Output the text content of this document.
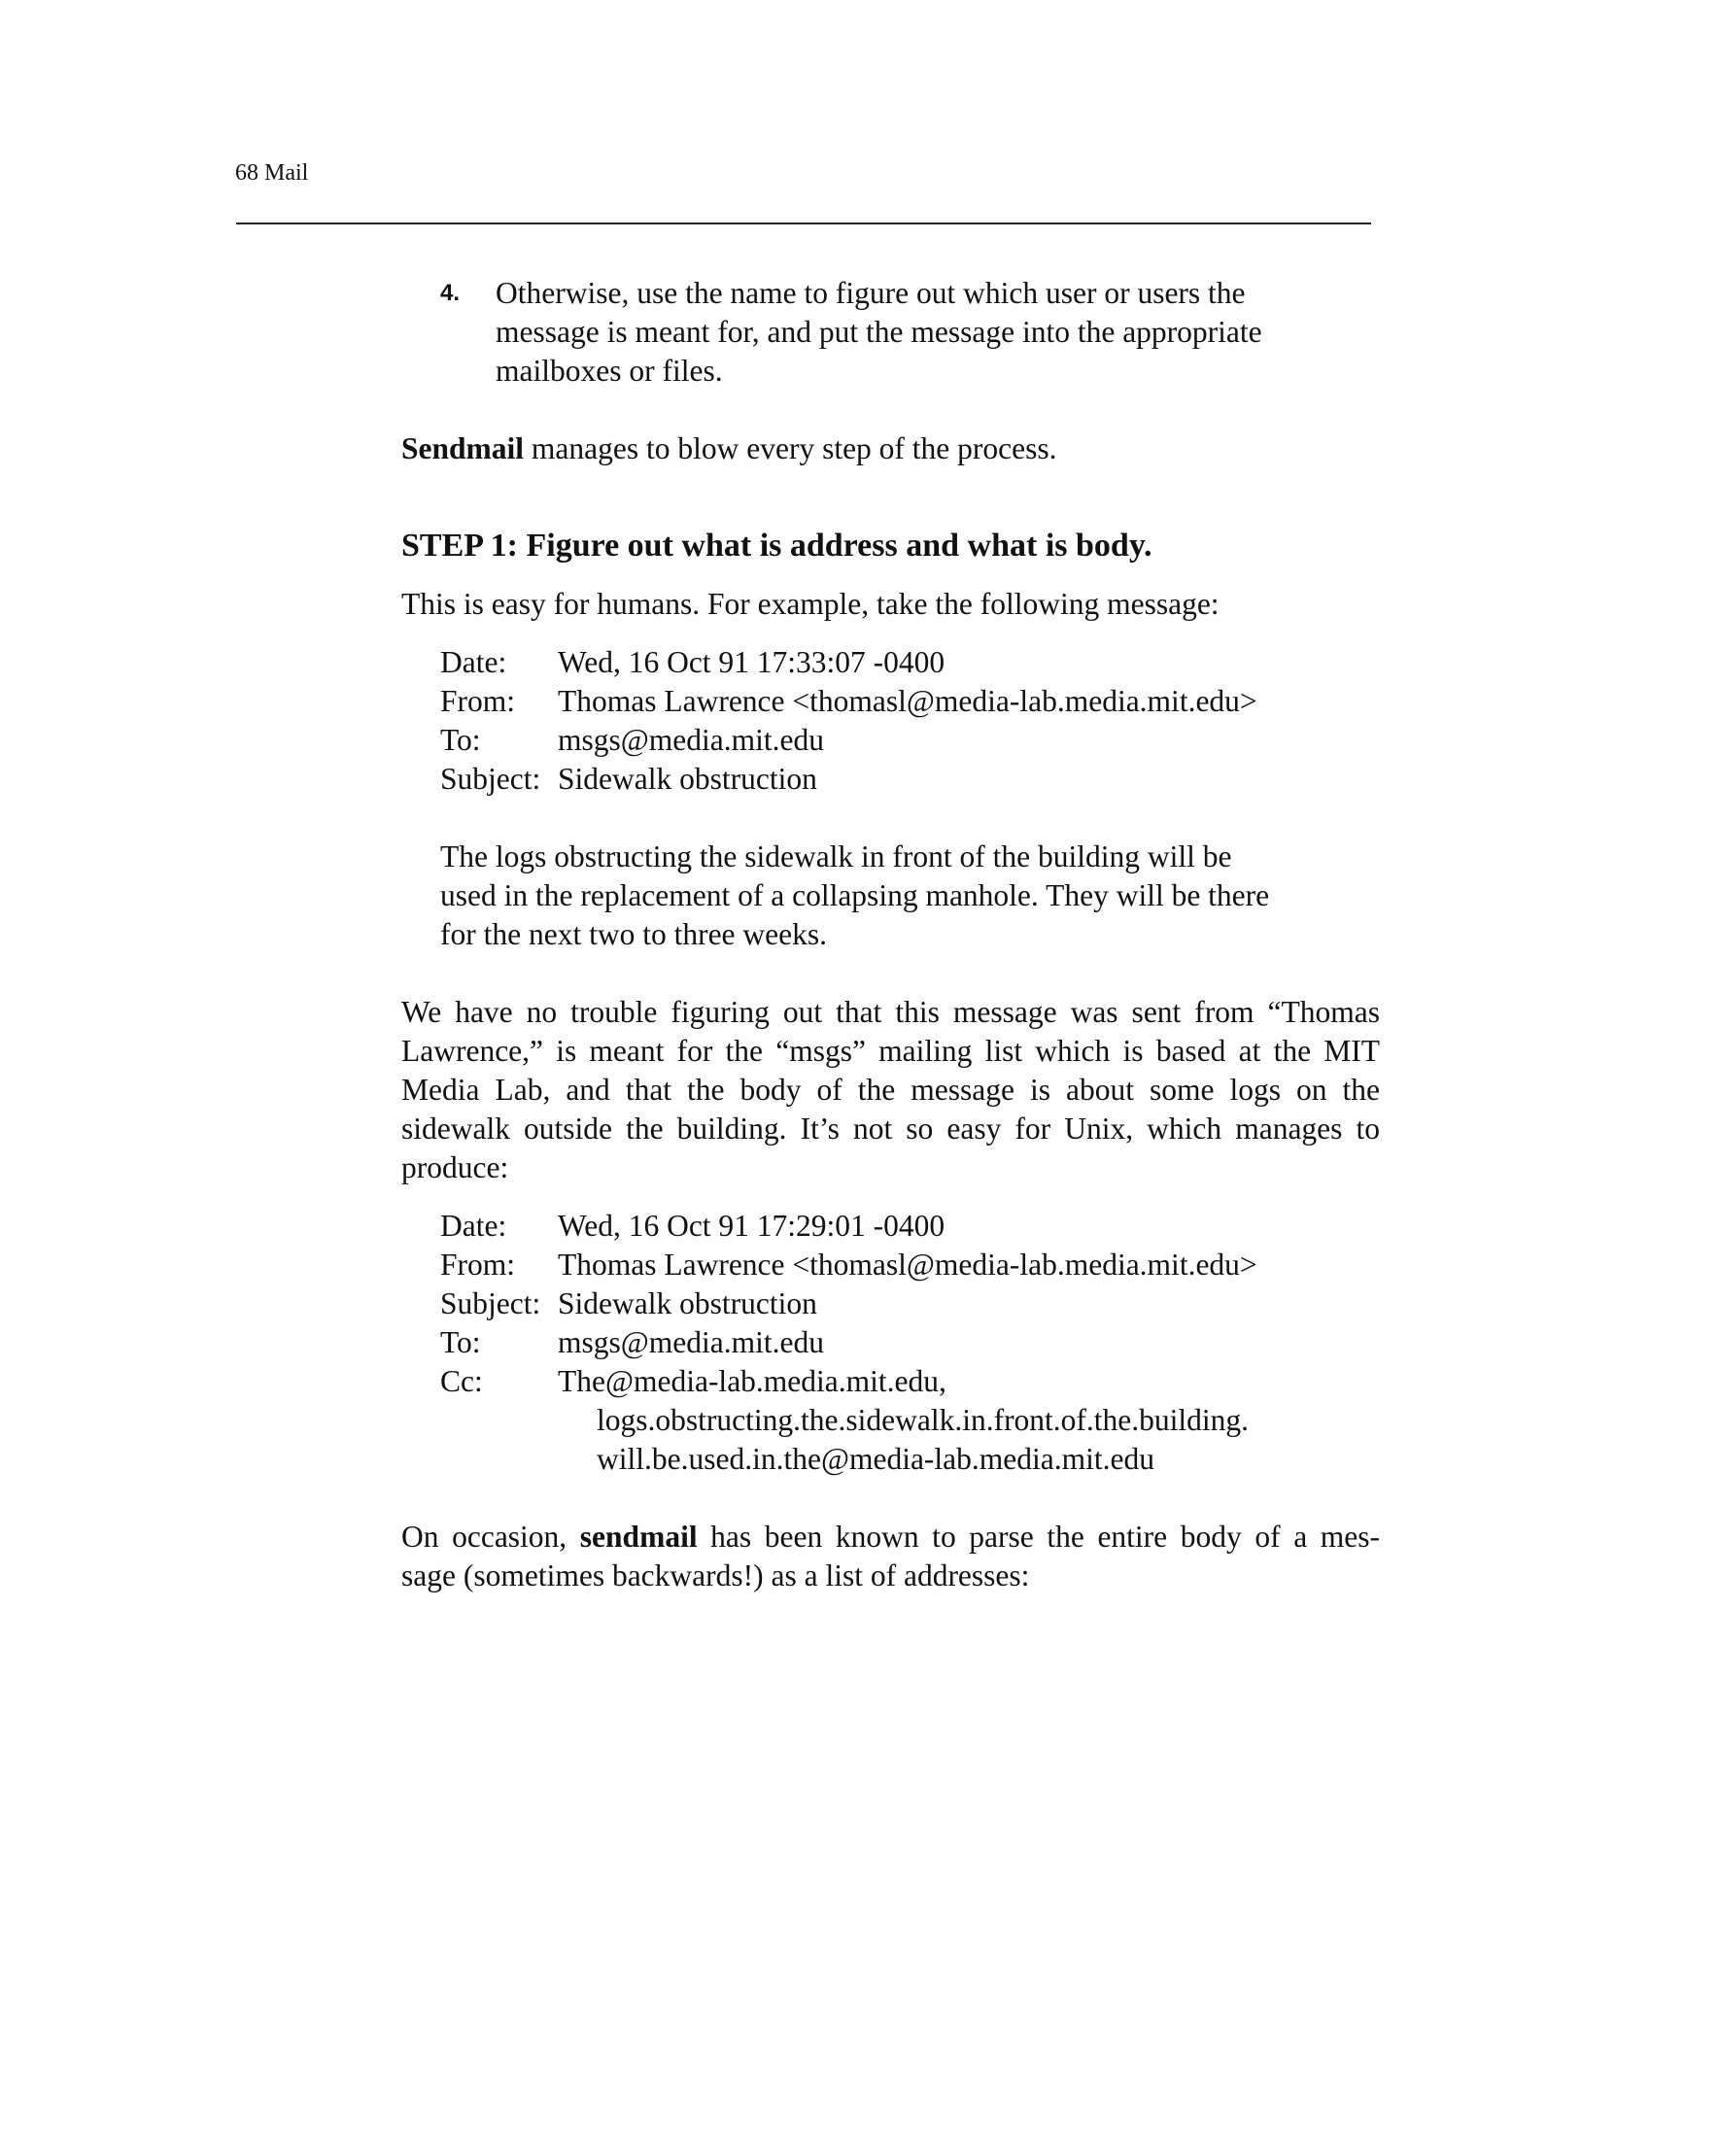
68 Mail
4. Otherwise, use the name to figure out which user or users the
message is meant for, and put the message into the appropriate
mailboxes or files.
Sendmail manages to blow every step of the process.
STEP 1: Figure out what is address and what is body.
This is easy for humans. For example, take the following message:
Date: Wed, 16 Oct 91 17:33:07 -0400
From: Thomas Lawrence <thomasl@media-lab.media.mit.edu>
To:	msgs@media.mit.edu
Subject: Sidewalk obstruction
The logs obstructing the sidewalk in front of the building will be
used in the replacement of a collapsing manhole. They will be there
for the next two to three weeks.
We have no trouble figuring out that this message was sent from “Thomas
Lawrence,” is meant for the “msgs” mailing list which is based at the MIT
Media Lab, and that the body of the message is about some logs on the
sidewalk outside the building. It’s not so easy for Unix, which manages to
produce:
Date: Wed, 16 Oct 91 17:29:01 -0400
From: Thomas Lawrence <thomasl@media-lab.media.mit.edu>
Subject: Sidewalk obstruction
To:	msgs@media.mit.edu
Cc: The@media-lab.media.mit.edu,
logs.obstructing.the.sidewalk.in.front.of.the.building.
will.be.used.in.the@media-lab.media.mit.edu
On occasion, sendmail has been known to parse the entire body of a mes-
sage (sometimes backwards!) as a list of addresses:
